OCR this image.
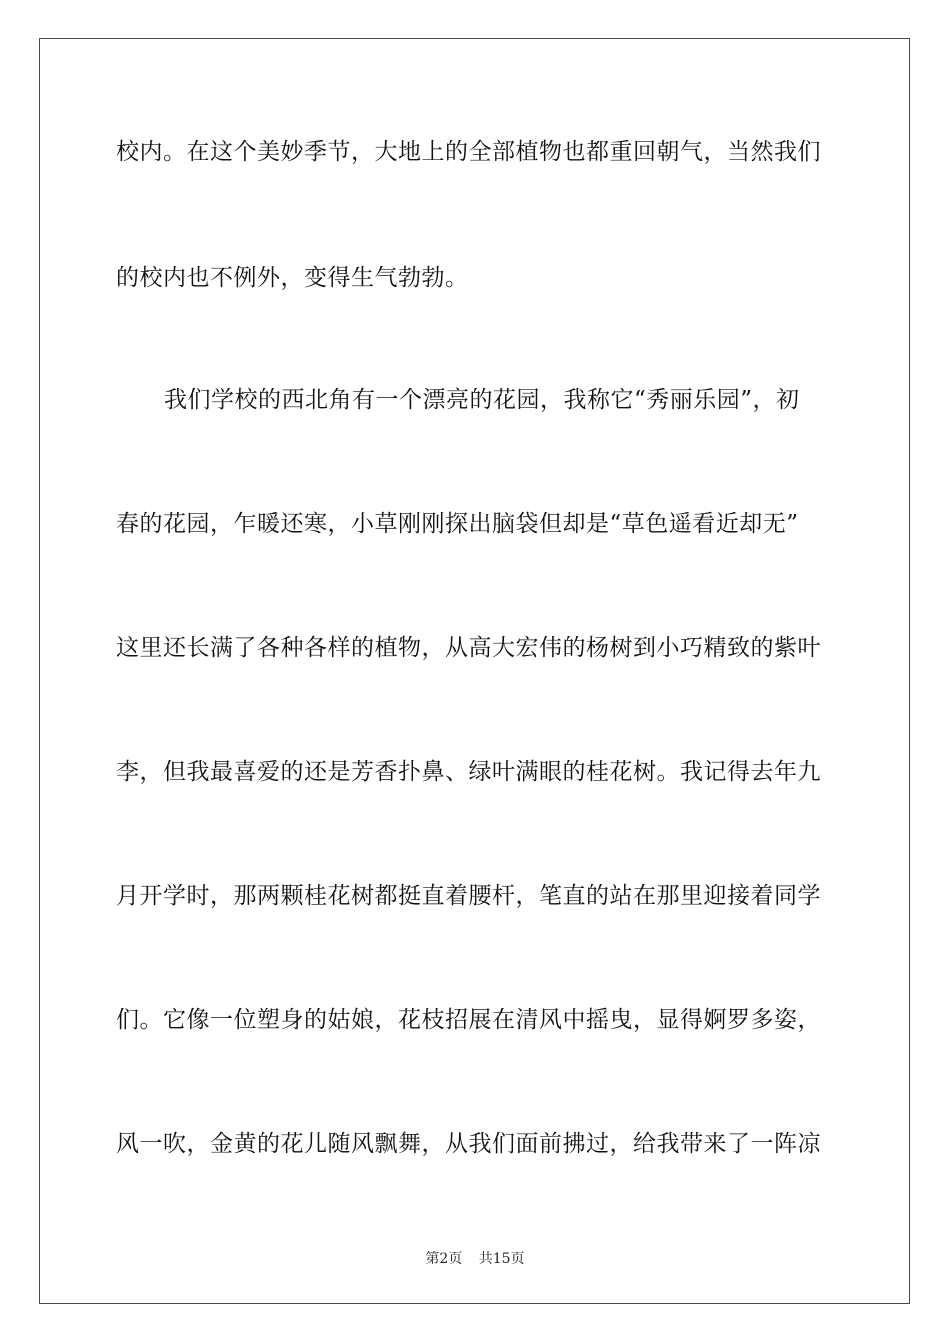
校内。在这个美妙季节，大地上的全部植物也都重回朝气，当然我们
的校内也不例外，变得生气勃勃。
我们学校的西北角有一个漂亮的花园，我称它“秀丽乐园”，初
春的花园，乍暖还寒，小草刚刚探出脑袋但却是“草色遥看近却无”
这里还长满了各种各样的植物，从高大宏伟的杨树到小巧精致的紫叶
李，但我最喜爱的还是芳香扑鼻、绿叶满眼的桂花树。我记得去年九
月开学时，那两颗桂花树都挺直着腰杆，笔直的站在那里迎接着同学
们。它像一位塑身的姑娘，花枝招展在清风中摇曳，显得婀罗多姿，
风一吹，金黄的花儿随风飘舞，从我们面前拂过，给我带来了一阵凉
第2页 共15页
